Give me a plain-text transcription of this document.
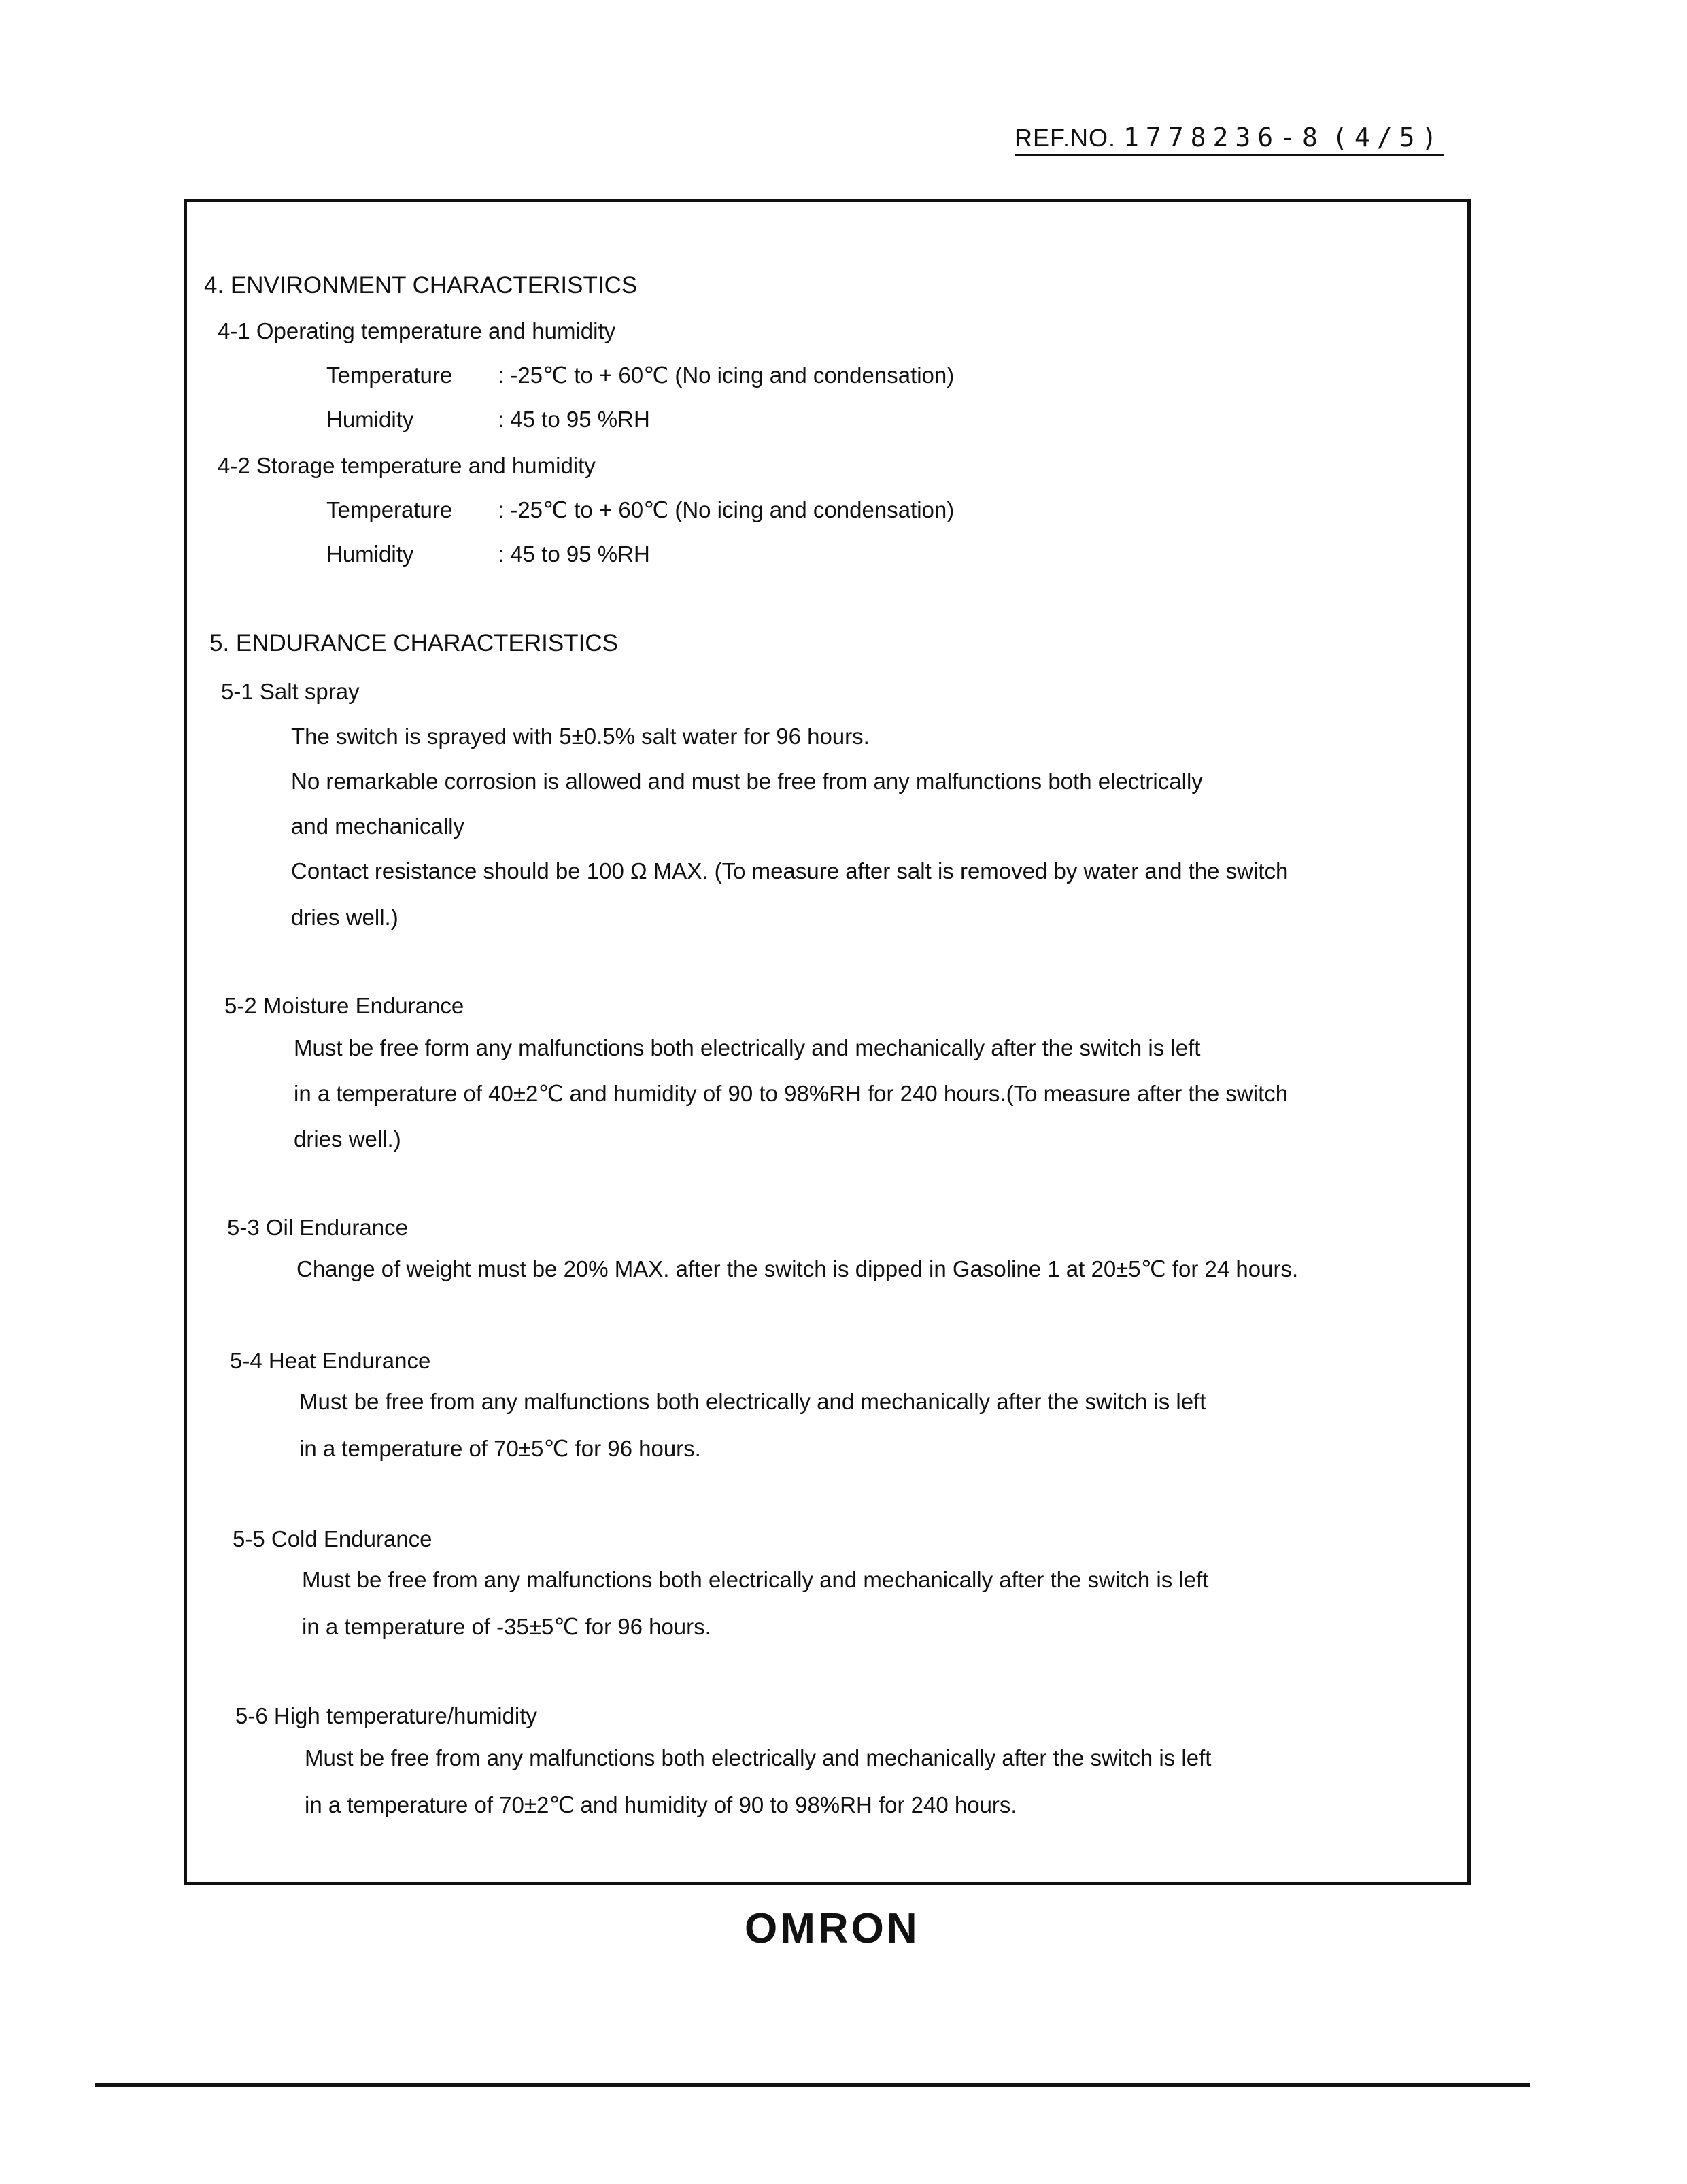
REF.NO. 1778236-8 (4/5)
4. ENVIRONMENT CHARACTERISTICS
4-1 Operating temperature and humidity
Temperature : -25℃ to + 60℃ (No icing and condensation)
Humidity	: 45 to 95 %RH
4-2 Storage temperature and humidity
Temperature : -25℃ to + 60℃ (No icing and condensation)
Humidity	: 45 to 95 %RH
5. ENDURANCE CHARACTERISTICS
5-1 Salt spray
The switch is sprayed with 5±0.5% salt water for 96 hours.
No remarkable corrosion is allowed and must be free from any malfunctions both electrically
and mechanically
Contact resistance should be 100 Ω MAX. (To measure after salt is removed by water and the switch
dries well.)
5-2 Moisture Endurance
Must be free form any malfunctions both electrically and mechanically after the switch is left
in a temperature of 40±2℃ and humidity of 90 to 98%RH for 240 hours.(To measure after the switch
dries well.)
5-3 Oil Endurance
Change of weight must be 20% MAX. after the switch is dipped in Gasoline 1 at 20±5℃ for 24 hours.
5-4 Heat Endurance
Must be free from any malfunctions both electrically and mechanically after the switch is left
in a temperature of 70±5℃ for 96 hours.
5-5 Cold Endurance
Must be free from any malfunctions both electrically and mechanically after the switch is left
in a temperature of -35±5℃ for 96 hours.
5-6 High temperature/humidity
Must be free from any malfunctions both electrically and mechanically after the switch is left
in a temperature of 70±2℃ and humidity of 90 to 98%RH for 240 hours.
OMRON
